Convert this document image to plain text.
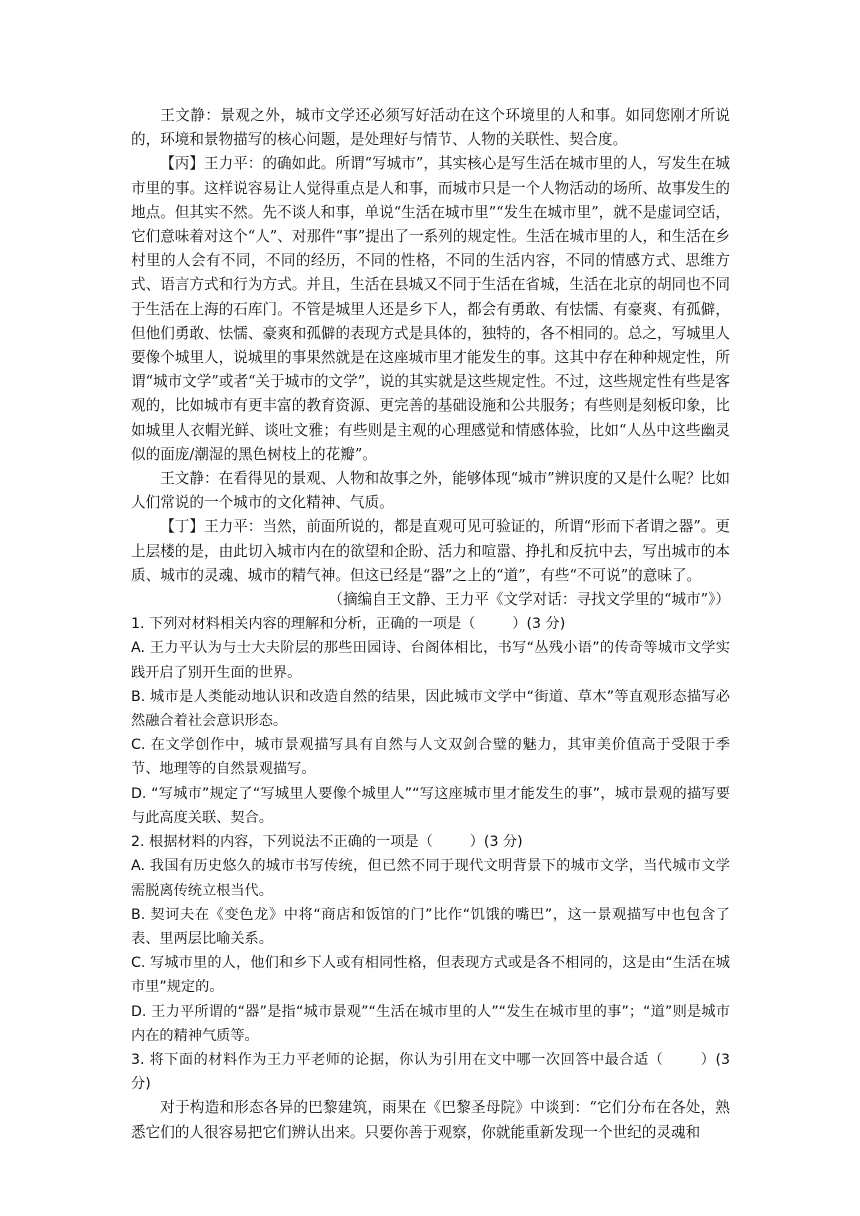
王文静：景观之外，城市文学还必须写好活动在这个环境里的人和事。如同您刚才所说的，环境和景物描写的核心问题，是处理好与情节、人物的关联性、契合度。

【丙】王力平：的确如此。所谓“写城市”，其实核心是写生活在城市里的人，写发生在城市里的事。这样说容易让人觉得重点是人和事，而城市只是一个人物活动的场所、故事发生的地点。但其实不然。先不谈人和事，单说“生活在城市里”“发生在城市里”，就不是虚词空话，它们意味着对这个“人”、对那件“事”提出了一系列的规定性。生活在城市里的人，和生活在乡村里的人会有不同，不同的经历，不同的性格，不同的生活内容，不同的情感方式、思维方式、语言方式和行为方式。并且，生活在县城又不同于生活在省城，生活在北京的胡同也不同于生活在上海的石库门。不管是城里人还是乡下人，都会有勇敢、有怯懦、有豪爽、有孤僻，但他们勇敢、怯懦、豪爽和孤僻的表现方式是具体的，独特的，各不相同的。总之，写城里人要像个城里人，说城里的事果然就是在这座城市里才能发生的事。这其中存在种种规定性，所谓“城市文学”或者“关于城市的文学”，说的其实就是这些规定性。不过，这些规定性有些是客观的，比如城市有更丰富的教育资源、更完善的基础设施和公共服务；有些则是刻板印象，比如城里人衣帽光鲜、谈吐文雅；有些则是主观的心理感觉和情感体验，比如“人丛中这些幽灵似的面庞/潮湿的黑色树枝上的花瓣”。

王文静：在看得见的景观、人物和故事之外，能够体现“城市”辨识度的又是什么呢？比如人们常说的一个城市的文化精神、气质。

【丁】王力平：当然，前面所说的，都是直观可见可验证的，所谓“形而下者谓之器”。更上层楼的是，由此切入城市内在的欲望和企盼、活力和喧嚣、挣扎和反抗中去，写出城市的本质、城市的灵魂、城市的精气神。但这已经是“器”之上的“道”，有些“不可说”的意味了。

（摘编自王文静、王力平《文学对话：寻找文学里的“城市”》）

1. 下列对材料相关内容的理解和分析，正确的一项是（	）(3 分)

A. 王力平认为与士大夫阶层的那些田园诗、台阁体相比，书写“丛残小语”的传奇等城市文学实践开启了别开生面的世界。

B. 城市是人类能动地认识和改造自然的结果，因此城市文学中“街道、草木”等直观形态描写必然融合着社会意识形态。

C. 在文学创作中，城市景观描写具有自然与人文双剑合璧的魅力，其审美价值高于受限于季节、地理等的自然景观描写。

D. “写城市”规定了“写城里人要像个城里人”“写这座城市里才能发生的事”，城市景观的描写要与此高度关联、契合。

2. 根据材料的内容，下列说法不正确的一项是（	）(3 分)

A. 我国有历史悠久的城市书写传统，但已然不同于现代文明背景下的城市文学，当代城市文学需脱离传统立根当代。

B. 契诃夫在《变色龙》中将“商店和饭馆的门”比作“饥饿的嘴巴”，这一景观描写中也包含了表、里两层比喻关系。

C. 写城市里的人，他们和乡下人或有相同性格，但表现方式或是各不相同的，这是由“生活在城市里”规定的。

D. 王力平所谓的“器”是指“城市景观”“生活在城市里的人”“发生在城市里的事”；“道”则是城市内在的精神气质等。

3. 将下面的材料作为王力平老师的论据，你认为引用在文中哪一次回答中最合适（	）(3 分)

对于构造和形态各异的巴黎建筑，雨果在《巴黎圣母院》中谈到：“它们分布在各处，熟悉它们的人很容易把它们辨认出来。只要你善于观察，你就能重新发现一个世纪的灵魂和
